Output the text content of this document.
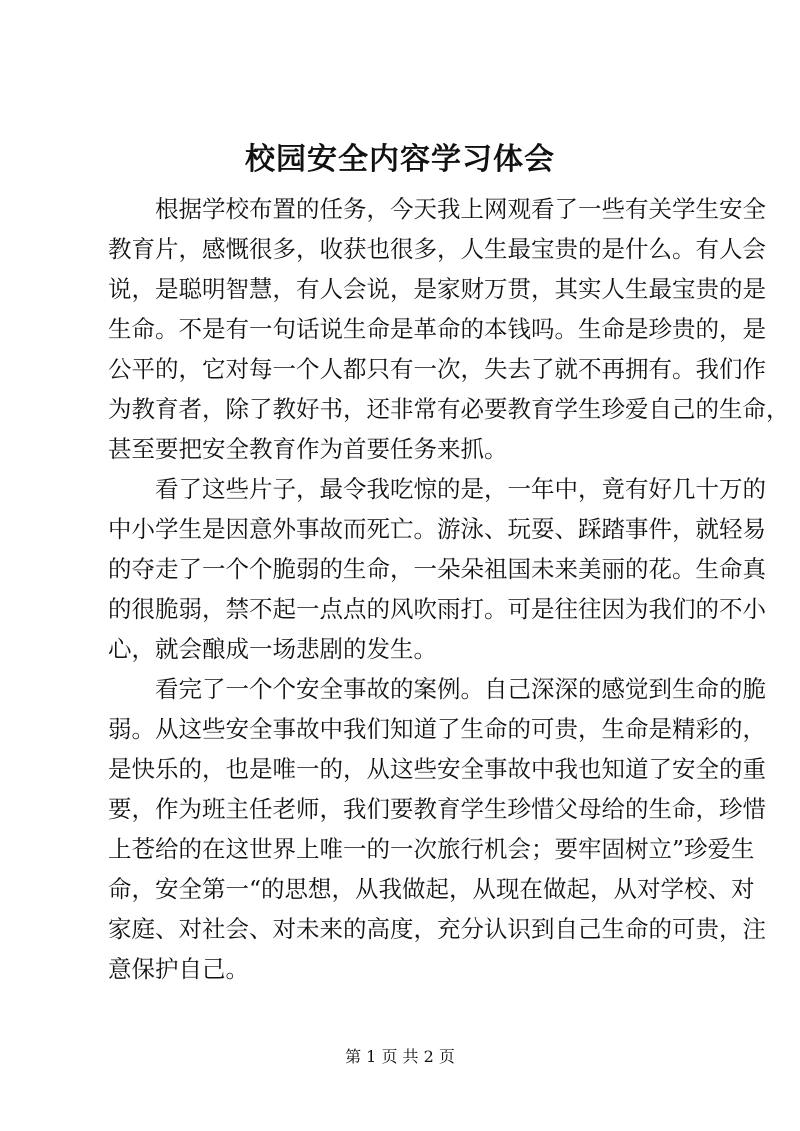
校园安全内容学习体会
根据学校布置的任务，今天我上网观看了一些有关学生安全
教育片，感慨很多，收获也很多，人生最宝贵的是什么。有人会
说，是聪明智慧，有人会说，是家财万贯，其实人生最宝贵的是
生命。不是有一句话说生命是革命的本钱吗。生命是珍贵的，是
公平的，它对每一个人都只有一次，失去了就不再拥有。我们作
为教育者，除了教好书，还非常有必要教育学生珍爱自己的生命，
甚至要把安全教育作为首要任务来抓。
看了这些片子，最令我吃惊的是，一年中，竟有好几十万的
中小学生是因意外事故而死亡。游泳、玩耍、踩踏事件，就轻易
的夺走了一个个脆弱的生命，一朵朵祖国未来美丽的花。生命真
的很脆弱，禁不起一点点的风吹雨打。可是往往因为我们的不小
心，就会酿成一场悲剧的发生。
看完了一个个安全事故的案例。自己深深的感觉到生命的脆
弱。从这些安全事故中我们知道了生命的可贵，生命是精彩的，
是快乐的，也是唯一的，从这些安全事故中我也知道了安全的重
要，作为班主任老师，我们要教育学生珍惜父母给的生命，珍惜
上苍给的在这世界上唯一的一次旅行机会；要牢固树立”珍爱生
命，安全第一“的思想，从我做起，从现在做起，从对学校、对
家庭、对社会、对未来的高度，充分认识到自己生命的可贵，注
意保护自己。
第 1 页 共 2 页
